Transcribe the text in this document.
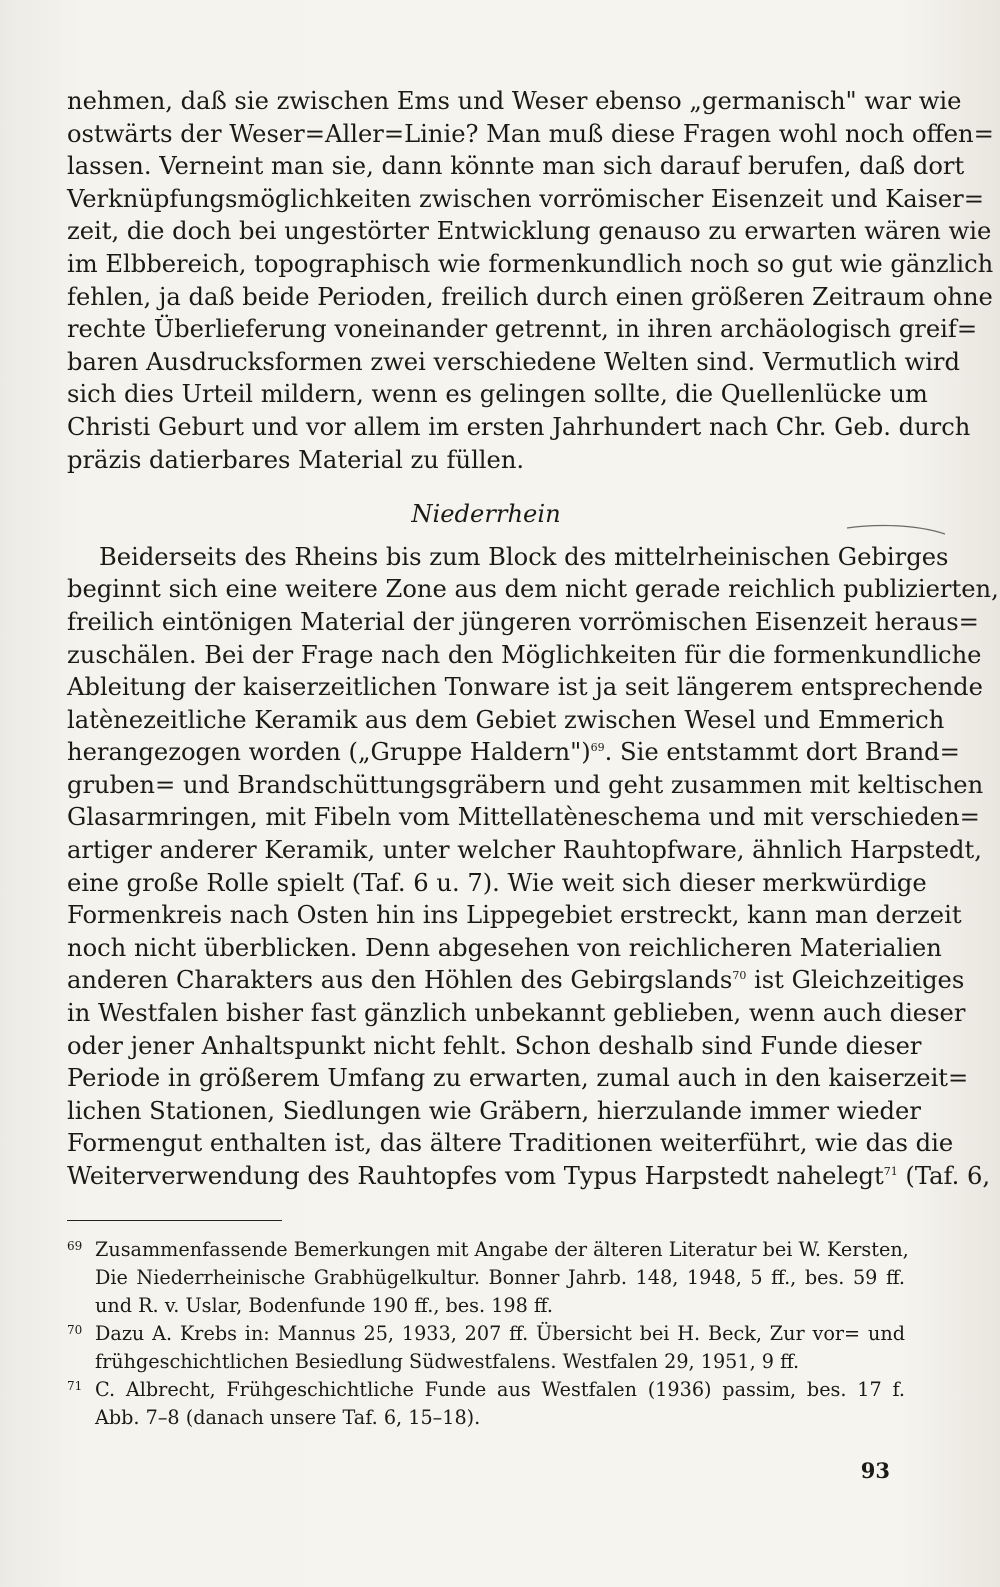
nehmen, daß sie zwischen Ems und Weser ebenso „germanisch" war wie
ostwärts der Weser=Aller=Linie? Man muß diese Fragen wohl noch offen=
lassen. Verneint man sie, dann könnte man sich darauf berufen, daß dort
Verknüpfungsmöglichkeiten zwischen vorrömischer Eisenzeit und Kaiser=
zeit, die doch bei ungestörter Entwicklung genauso zu erwarten wären wie
im Elbbereich, topographisch wie formenkundlich noch so gut wie gänzlich
fehlen, ja daß beide Perioden, freilich durch einen größeren Zeitraum ohne
rechte Überlieferung voneinander getrennt, in ihren archäologisch greif=
baren Ausdrucksformen zwei verschiedene Welten sind. Vermutlich wird
sich dies Urteil mildern, wenn es gelingen sollte, die Quellenlücke um
Christi Geburt und vor allem im ersten Jahrhundert nach Chr. Geb. durch
präzis datierbares Material zu füllen.
Niederrhein
Beiderseits des Rheins bis zum Block des mittelrheinischen Gebirges
beginnt sich eine weitere Zone aus dem nicht gerade reichlich publizierten,
freilich eintönigen Material der jüngeren vorrömischen Eisenzeit heraus=
zuschälen. Bei der Frage nach den Möglichkeiten für die formenkundliche
Ableitung der kaiserzeitlichen Tonware ist ja seit längerem entsprechende
latènezeitliche Keramik aus dem Gebiet zwischen Wesel und Emmerich
herangezogen worden („Gruppe Haldern")$^{69}$. Sie entstammt dort Brand=
gruben= und Brandschüttungsgräbern und geht zusammen mit keltischen
Glasarmringen, mit Fibeln vom Mittellatèneschema und mit verschieden=
artiger anderer Keramik, unter welcher Rauhtopfware, ähnlich Harpstedt,
eine große Rolle spielt (Taf. 6 u. 7). Wie weit sich dieser merkwürdige
Formenkreis nach Osten hin ins Lippegebiet erstreckt, kann man derzeit
noch nicht überblicken. Denn abgesehen von reichlicheren Materialien
anderen Charakters aus den Höhlen des Gebirgslands$^{70}$ ist Gleichzeitiges
in Westfalen bisher fast gänzlich unbekannt geblieben, wenn auch dieser
oder jener Anhaltspunkt nicht fehlt. Schon deshalb sind Funde dieser
Periode in größerem Umfang zu erwarten, zumal auch in den kaiserzeit=
lichen Stationen, Siedlungen wie Gräbern, hierzulande immer wieder
Formengut enthalten ist, das ältere Traditionen weiterführt, wie das die
Weiterverwendung des Rauhtopfes vom Typus Harpstedt nahelegt$^{71}$ (Taf. 6,
69 Zusammenfassende Bemerkungen mit Angabe der älteren Literatur bei W. Kersten,
Die Niederrheinische Grabhügelkultur. Bonner Jahrb. 148, 1948, 5 ff., bes. 59 ff.
und R. v. Uslar, Bodenfunde 190 ff., bes. 198 ff.
70 Dazu A. Krebs in: Mannus 25, 1933, 207 ff. Übersicht bei H. Beck, Zur vor= und
frühgeschichtlichen Besiedlung Südwestfalens. Westfalen 29, 1951, 9 ff.
71 C. Albrecht, Frühgeschichtliche Funde aus Westfalen (1936) passim, bes. 17 f.
Abb. 7–8 (danach unsere Taf. 6, 15–18).
93
